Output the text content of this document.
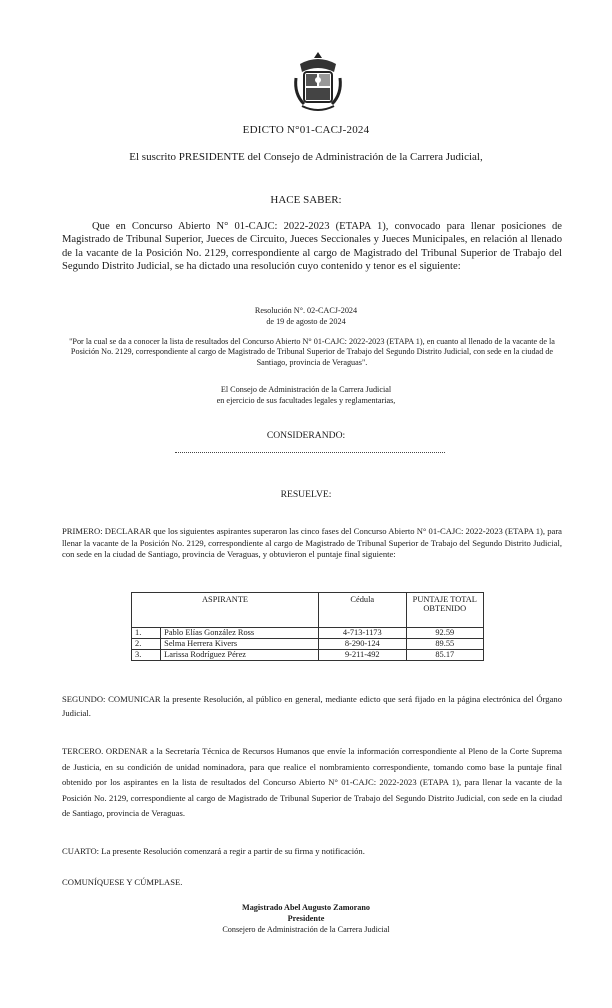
EDICTO N°01-CACJ-2024
El suscrito PRESIDENTE del Consejo de Administración de la Carrera Judicial,
HACE SABER:
Que en Concurso Abierto N° 01-CAJC: 2022-2023 (ETAPA 1), convocado para llenar posiciones de Magistrado de Tribunal Superior, Jueces de Circuito, Jueces Seccionales y Jueces Municipales, en relación al llenado de la vacante de la Posición No. 2129, correspondiente al cargo de Magistrado del Tribunal Superior de Trabajo del Segundo Distrito Judicial, se ha dictado una resolución cuyo contenido y tenor es el siguiente:
Resolución N°. 02-CACJ-2024
de 19 de agosto de 2024
"Por la cual se da a conocer la lista de resultados del Concurso Abierto N° 01-CAJC: 2022-2023 (ETAPA 1), en cuanto al llenado de la vacante de la Posición No. 2129, correspondiente al cargo de Magistrado de Tribunal Superior de Trabajo del Segundo Distrito Judicial, con sede en la ciudad de Santiago, provincia de Veraguas".
El Consejo de Administración de la Carrera Judicial
en ejercicio de sus facultades legales y reglamentarias,
CONSIDERANDO:
RESUELVE:
PRIMERO: DECLARAR que los siguientes aspirantes superaron las cinco fases del Concurso Abierto N° 01-CAJC: 2022-2023 (ETAPA 1), para llenar la vacante de la Posición No. 2129, correspondiente al cargo de Magistrado de Tribunal Superior de Trabajo del Segundo Distrito Judicial, con sede en la ciudad de Santiago, provincia de Veraguas, y obtuvieron el puntaje final siguiente:
ASPIRANTE		Cédula	PUNTAJE TOTAL OBTENIDO
1.	Pablo Elías González Ross	4-713-1173	92.59
2.	Selma Herrera Kivers	8-290-124	89.55
3.	Larissa Rodríguez Pérez	9-211-492	85.17
SEGUNDO: COMUNICAR la presente Resolución, al público en general, mediante edicto que será fijado en la página electrónica del Órgano Judicial.
TERCERO. ORDENAR a la Secretaría Técnica de Recursos Humanos que envíe la información correspondiente al Pleno de la Corte Suprema de Justicia, en su condición de unidad nominadora, para que realice el nombramiento correspondiente, tomando como base la puntaje final obtenido por los aspirantes en la lista de resultados del Concurso Abierto N° 01-CAJC: 2022-2023 (ETAPA 1), para llenar la vacante de la Posición No. 2129, correspondiente al cargo de Magistrado de Tribunal Superior de Trabajo del Segundo Distrito Judicial, con sede en la ciudad de Santiago, provincia de Veraguas.
CUARTO: La presente Resolución comenzará a regir a partir de su firma y notificación.
COMUNÍQUESE Y CÚMPLASE.
Magistrado Abel Augusto Zamorano
Presidente
Consejero de Administración de la Carrera Judicial
